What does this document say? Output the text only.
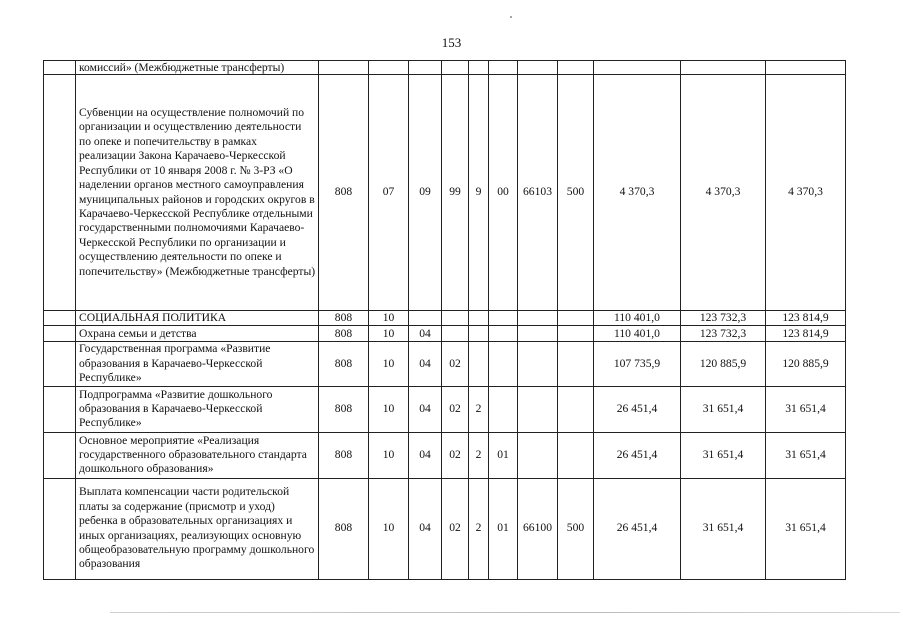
153
	комиссий» (Межбюджетные трансферты)											
	Субвенции на осуществление полномочий по организации и осуществлению деятельности по опеке и попечительству в рамках реализации Закона Карачаево-Черкесской Республики от 10 января 2008 г. № 3-РЗ «О наделении органов местного самоуправления муниципальных районов и городских округов в Карачаево-Черкесской Республике отдельными государственными полномочиями Карачаево-Черкесской Республики по организации и осуществлению деятельности по опеке и попечительству» (Межбюджетные трансферты)	808	07	09	99	9	00	66103	500	4 370,3	4 370,3	4 370,3
	СОЦИАЛЬНАЯ ПОЛИТИКА	808	10							110 401,0	123 732,3	123 814,9
	Охрана семьи и детства	808	10	04						110 401,0	123 732,3	123 814,9
	Государственная программа «Развитие образования в Карачаево-Черкесской Республике»	808	10	04	02					107 735,9	120 885,9	120 885,9
	Подпрограмма «Развитие дошкольного образования в Карачаево-Черкесской Республике»	808	10	04	02	2				26 451,4	31 651,4	31 651,4
	Основное мероприятие «Реализация государственного образовательного стандарта дошкольного образования»	808	10	04	02	2	01			26 451,4	31 651,4	31 651,4
	Выплата компенсации части родительской платы за содержание (присмотр и уход) ребенка в образовательных организациях и иных организациях, реализующих основную общеобразовательную программу дошкольного образования	808	10	04	02	2	01	66100	500	26 451,4	31 651,4	31 651,4
